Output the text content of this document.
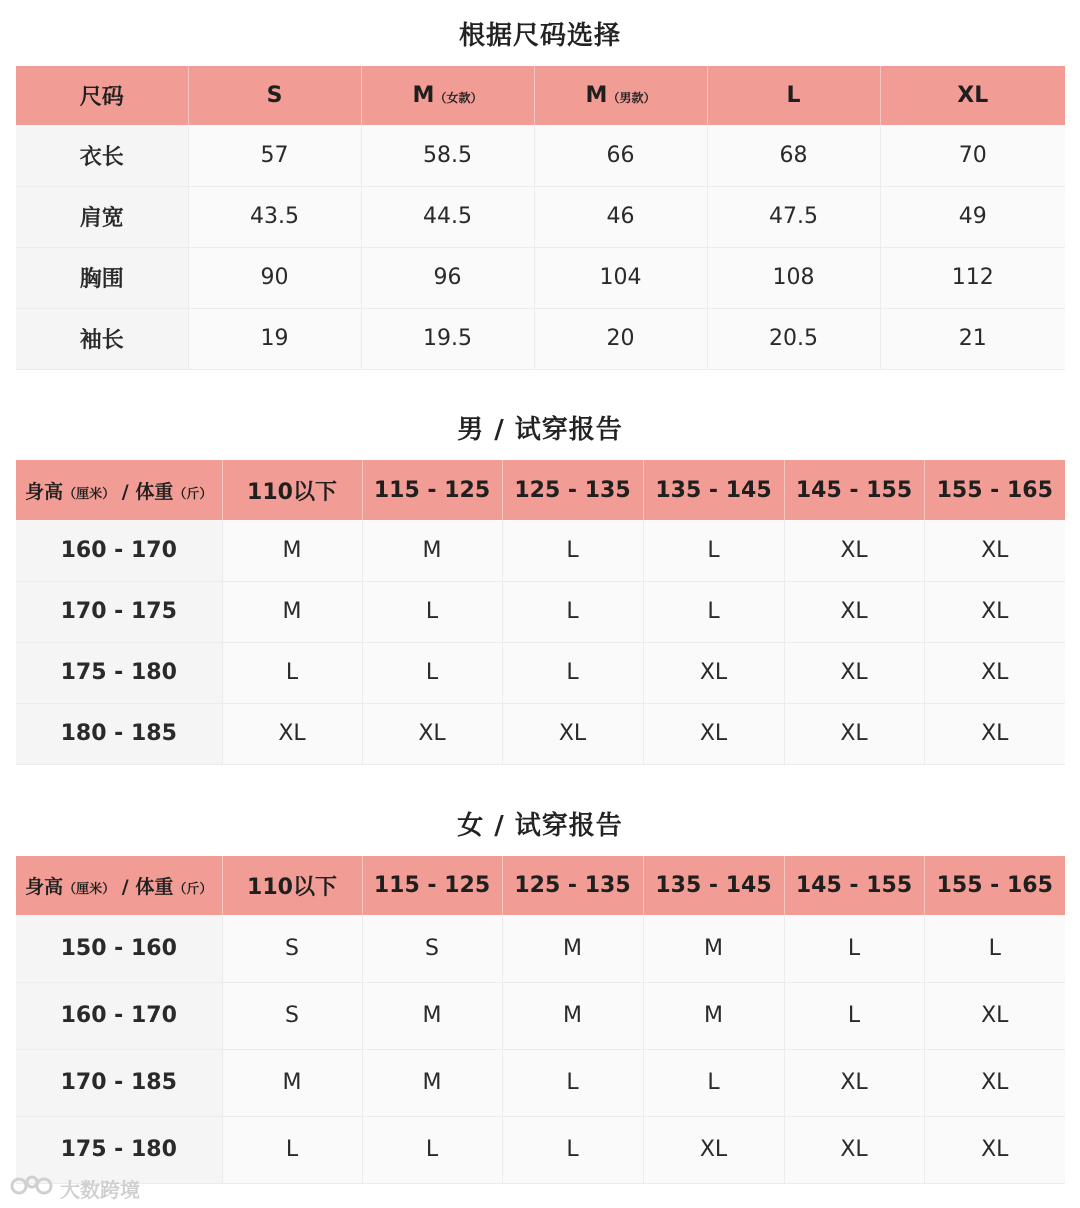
根据尺码选择
尺码	S	M（女款）	M（男款）	L	XL
衣长	57	58.5	66	68	70
肩宽	43.5	44.5	46	47.5	49
胸围	90	96	104	108	112
袖长	19	19.5	20	20.5	21
男 / 试穿报告
身高（厘米） / 体重（斤）	110以下	115 - 125	125 - 135	135 - 145	145 - 155	155 - 165
160 - 170	M	M	L	L	XL	XL
170 - 175	M	L	L	L	XL	XL
175 - 180	L	L	L	XL	XL	XL
180 - 185	XL	XL	XL	XL	XL	XL
女 / 试穿报告
身高（厘米） / 体重（斤）	110以下	115 - 125	125 - 135	135 - 145	145 - 155	155 - 165
150 - 160	S	S	M	M	L	L
160 - 170	S	M	M	M	L	XL
170 - 185	M	M	L	L	XL	XL
175 - 180	L	L	L	XL	XL	XL
大数跨境
